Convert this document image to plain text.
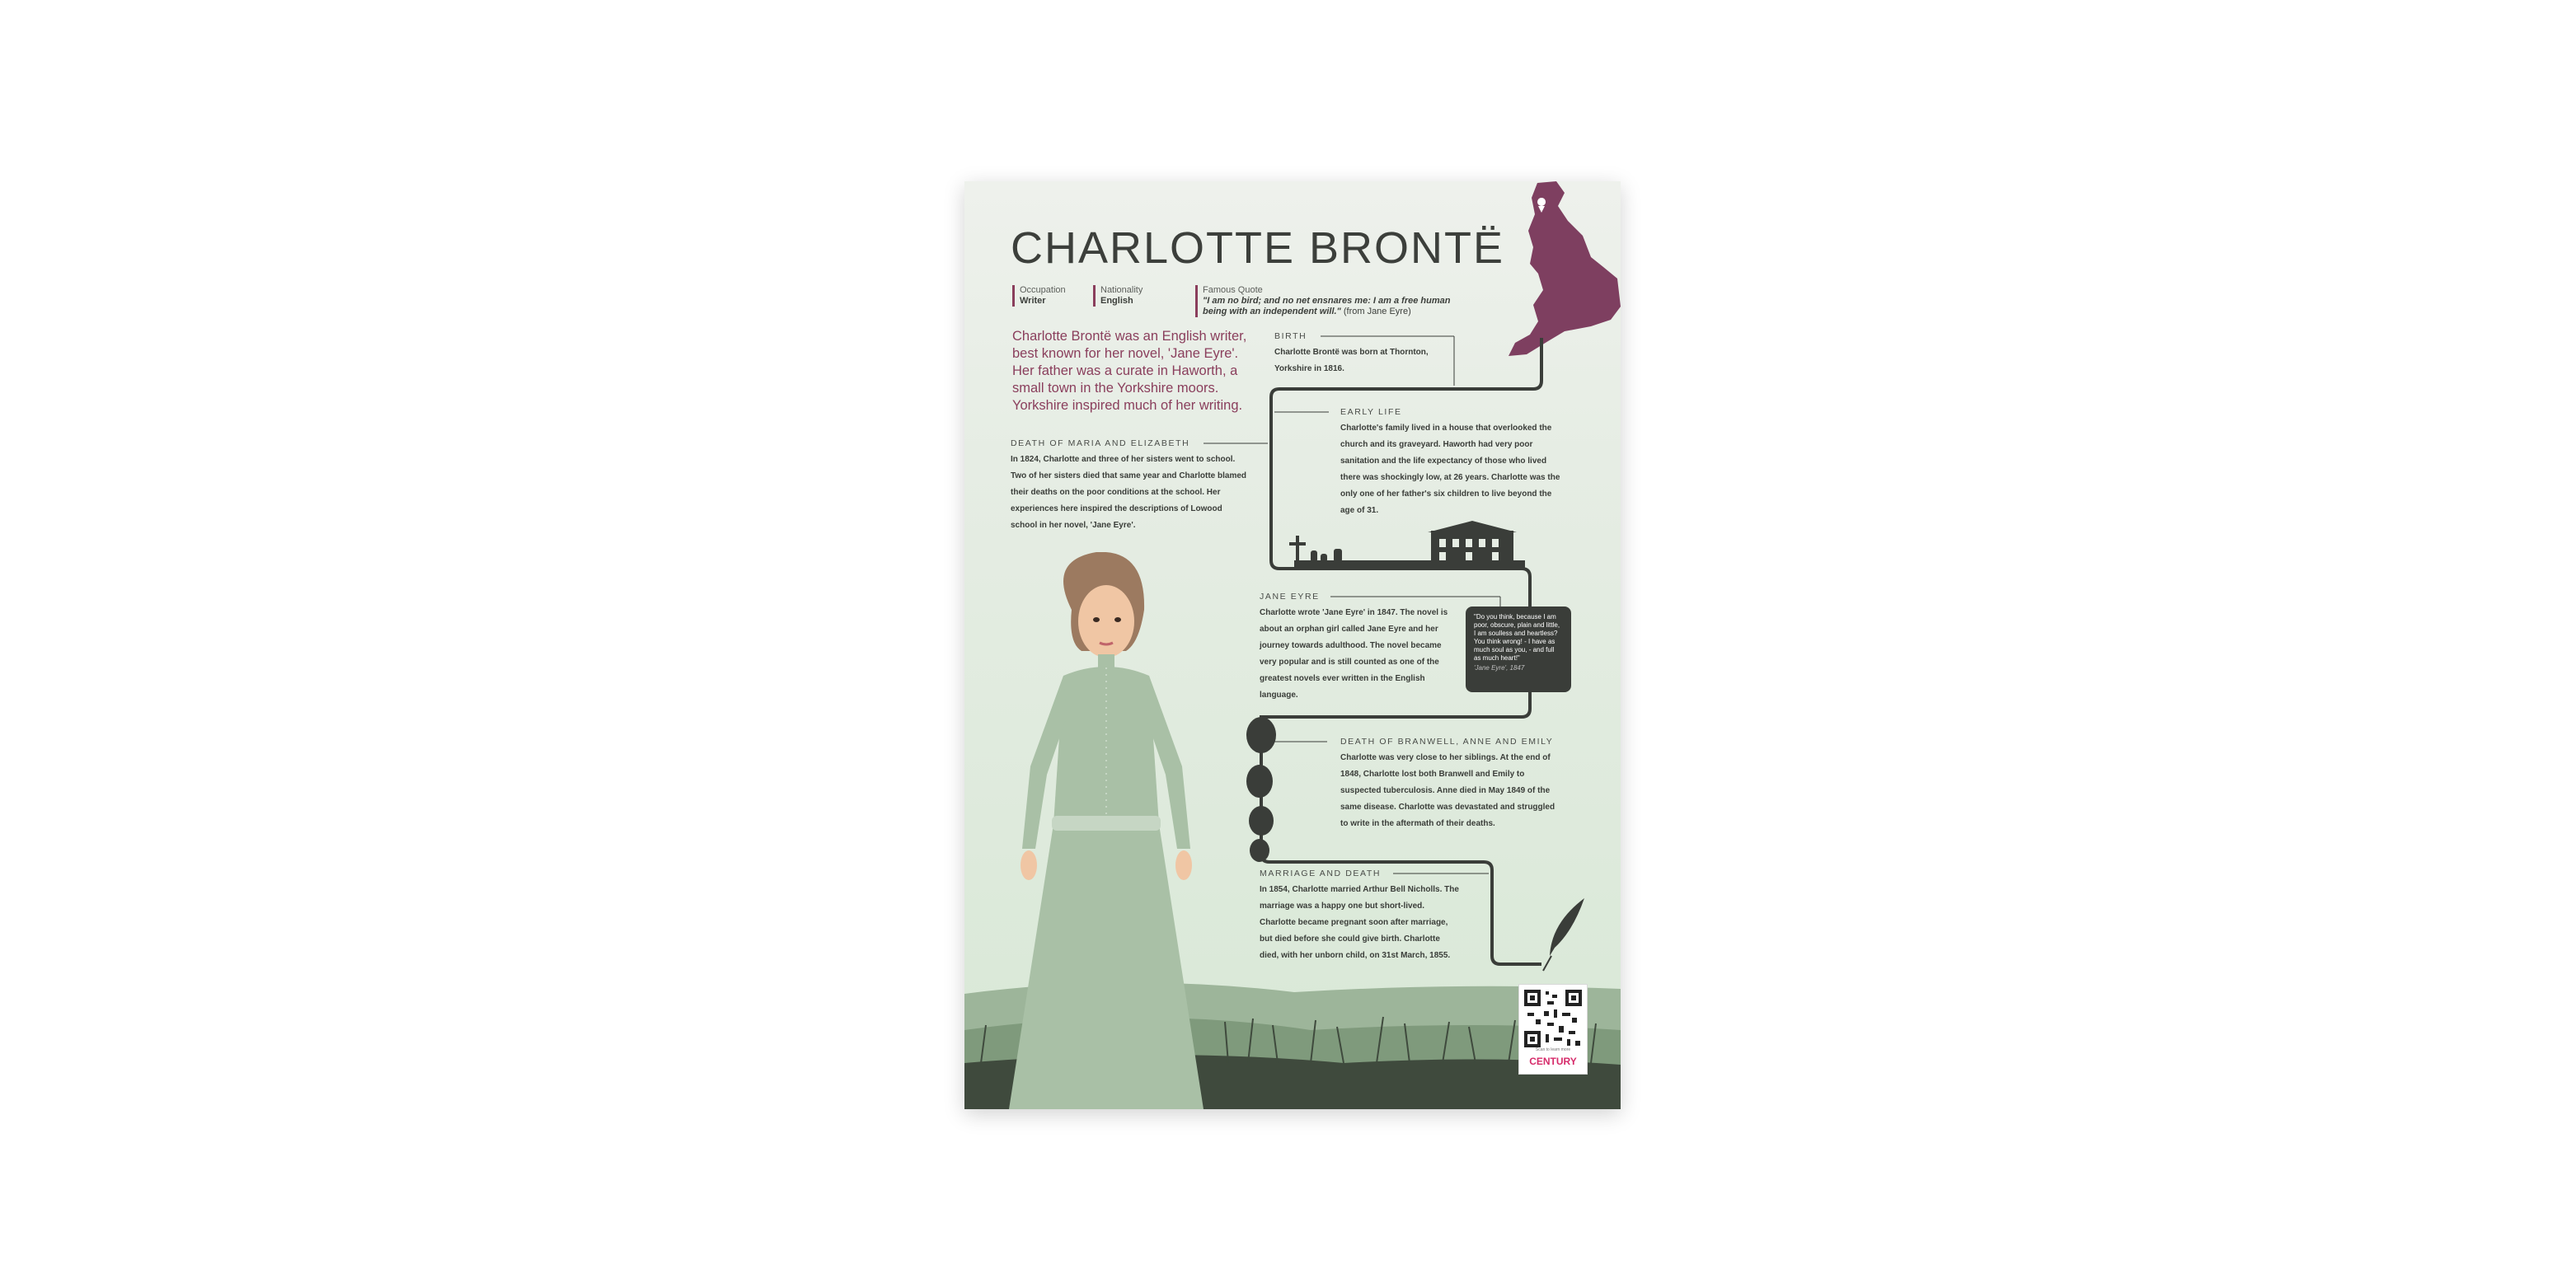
CHARLOTTE BRONTË
Occupation
Writer
Nationality
English
Famous Quote
"I am no bird; and no net ensnares me: I am a free human being with an independent will." (from Jane Eyre)

Charlotte Brontë was an English writer, best known for her novel, 'Jane Eyre'. Her father was a curate in Haworth, a small town in the Yorkshire moors. Yorkshire inspired much of her writing.

BIRTH

Charlotte Brontë was born at Thornton, Yorkshire in 1816.

EARLY LIFE

Charlotte's family lived in a house that overlooked the church and its graveyard. Haworth had very poor sanitation and the life expectancy of those who lived there was shockingly low, at 26 years. Charlotte was the only one of her father's six children to live beyond the age of 31.

DEATH OF MARIA AND ELIZABETH

In 1824, Charlotte and three of her sisters went to school. Two of her sisters died that same year and Charlotte blamed their deaths on the poor conditions at the school. Her experiences here inspired the descriptions of Lowood school in her novel, 'Jane Eyre'.

JANE EYRE

Charlotte wrote 'Jane Eyre' in 1847. The novel is about an orphan girl called Jane Eyre and her journey towards adulthood. The novel became very popular and is still counted as one of the greatest novels ever written in the English language.

"Do you think, because I am poor, obscure, plain and little, I am soulless and heartless? You think wrong! - I have as much soul as you, - and full as much heart!"
'Jane Eyre', 1847
DEATH OF BRANWELL, ANNE AND EMILY

Charlotte was very close to her siblings. At the end of 1848, Charlotte lost both Branwell and Emily to suspected tuberculosis. Anne died in May 1849 of the same disease. Charlotte was devastated and struggled to write in the aftermath of their deaths.

MARRIAGE AND DEATH

In 1854, Charlotte married Arthur Bell Nicholls. The marriage was a happy one but short-lived. Charlotte became pregnant soon after marriage, but died before she could give birth. Charlotte died, with her unborn child, on 31st March, 1855.

Scan to learn more
CENTURY
